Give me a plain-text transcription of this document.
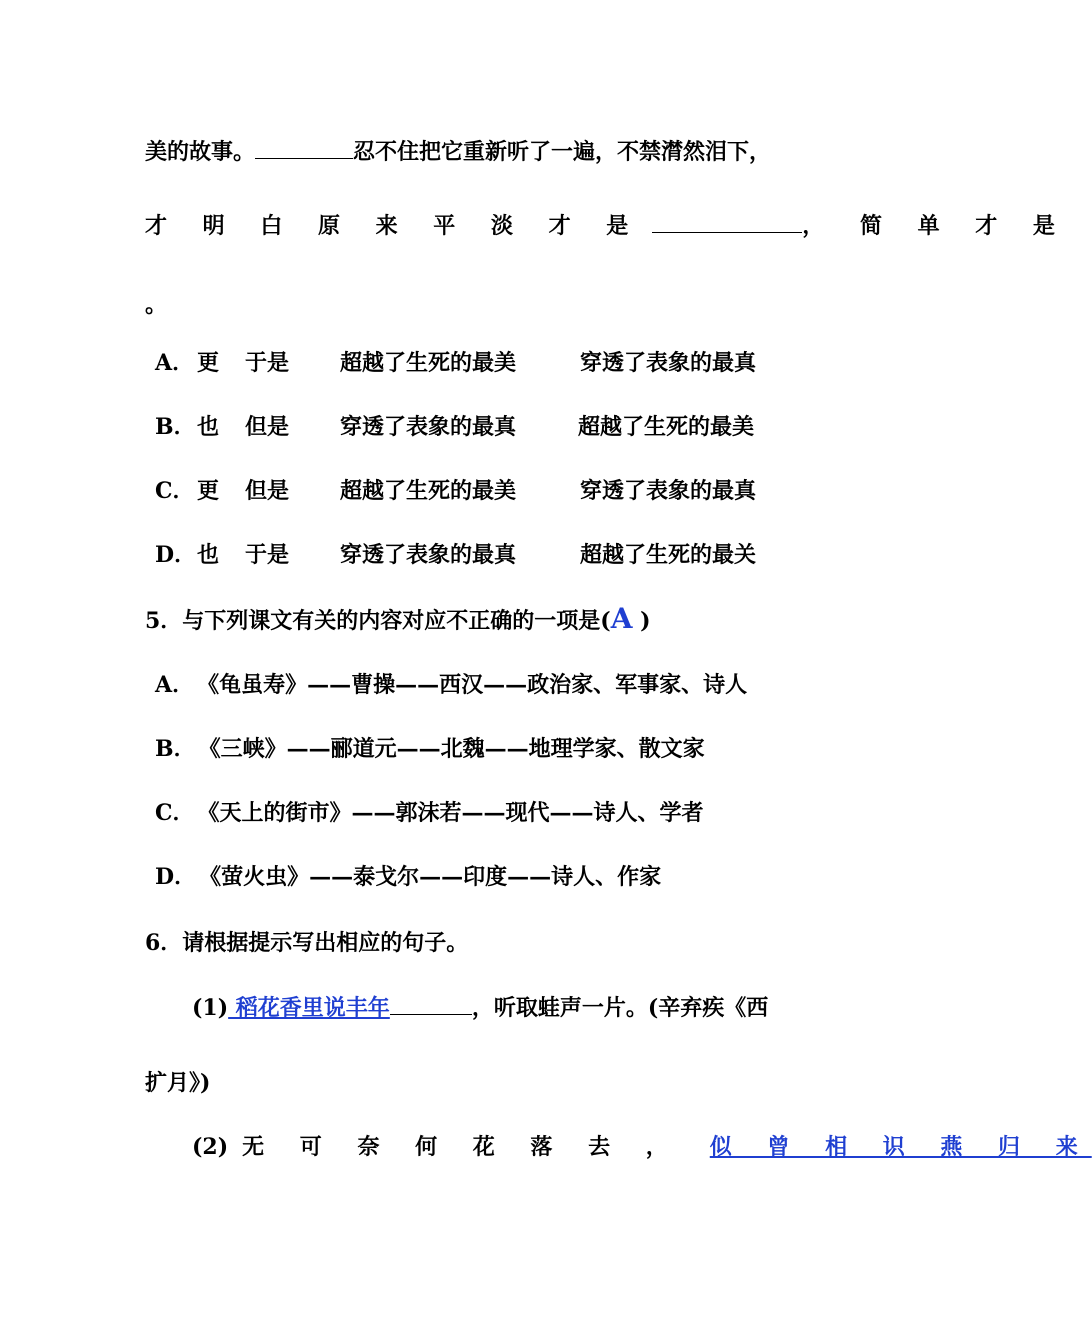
美的故事。	忍不住把它重新听了一遍，不禁潸然泪下，
才 明 白 原 来 平 淡 才 是	， 简 单 才 是
。
A． 更 于是 超越了生死的最美	穿透了表象的最真
B． 也 但是 穿透了表象的最真	超越了生死的最美
C． 更 但是 超越了生死的最美	穿透了表象的最真
D． 也 于是 穿透了表象的最真	超越了生死的最关
5．与下列课文有关的内容对应不正确的一项是(A )
A． 《龟虽寿》——曹操——西汉——政治家、军事家、诗人
B． 《三峡》——郦道元——北魏——地理学家、散文家
C． 《天上的街市》——郭沫若——现代——诗人、学者
D． 《萤火虫》——泰戈尔——印度——诗人、作家
6．请根据提示写出相应的句子。
(1) 稻花香里说丰年	，听取蛙声一片。(辛弃疾《西
扩月》)
(2) 无 可 奈 何 花 落 去 ， 似 曾 相 识 燕 归 来
